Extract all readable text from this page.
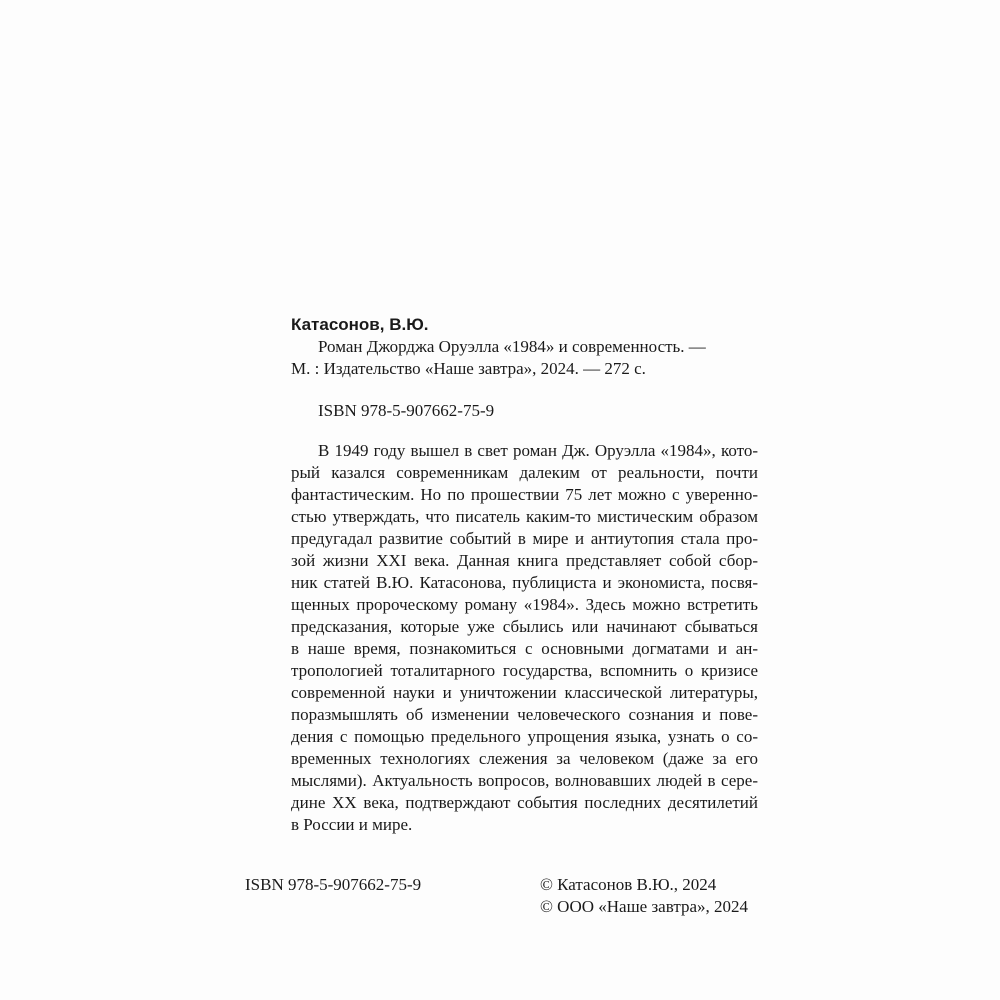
Катасонов, В.Ю.
Роман Джорджа Оруэлла «1984» и современность. —
М. : Издательство «Наше завтра», 2024. — 272 с.
ISBN 978-5-907662-75-9
В 1949 году вышел в свет роман Дж. Оруэлла «1984», кото-
рый казался современникам далеким от реальности, почти
фантастическим. Но по прошествии 75 лет можно с уверенно-
стью утверждать, что писатель каким-то мистическим образом
предугадал развитие событий в мире и антиутопия стала про-
зой жизни XXI века. Данная книга представляет собой сбор-
ник статей В.Ю. Катасонова, публициста и экономиста, посвя-
щенных пророческому роману «1984». Здесь можно встретить
предсказания, которые уже сбылись или начинают сбываться
в наше время, познакомиться с основными догматами и ан-
тропологией тоталитарного государства, вспомнить о кризисе
современной науки и уничтожении классической литературы,
поразмышлять об изменении человеческого сознания и пове-
дения с помощью предельного упрощения языка, узнать о со-
временных технологиях слежения за человеком (даже за его
мыслями). Актуальность вопросов, волновавших людей в сере-
дине XX века, подтверждают события последних десятилетий
в России и мире.
ISBN 978-5-907662-75-9	© Катасонов В.Ю., 2024
© ООО «Наше завтра», 2024
